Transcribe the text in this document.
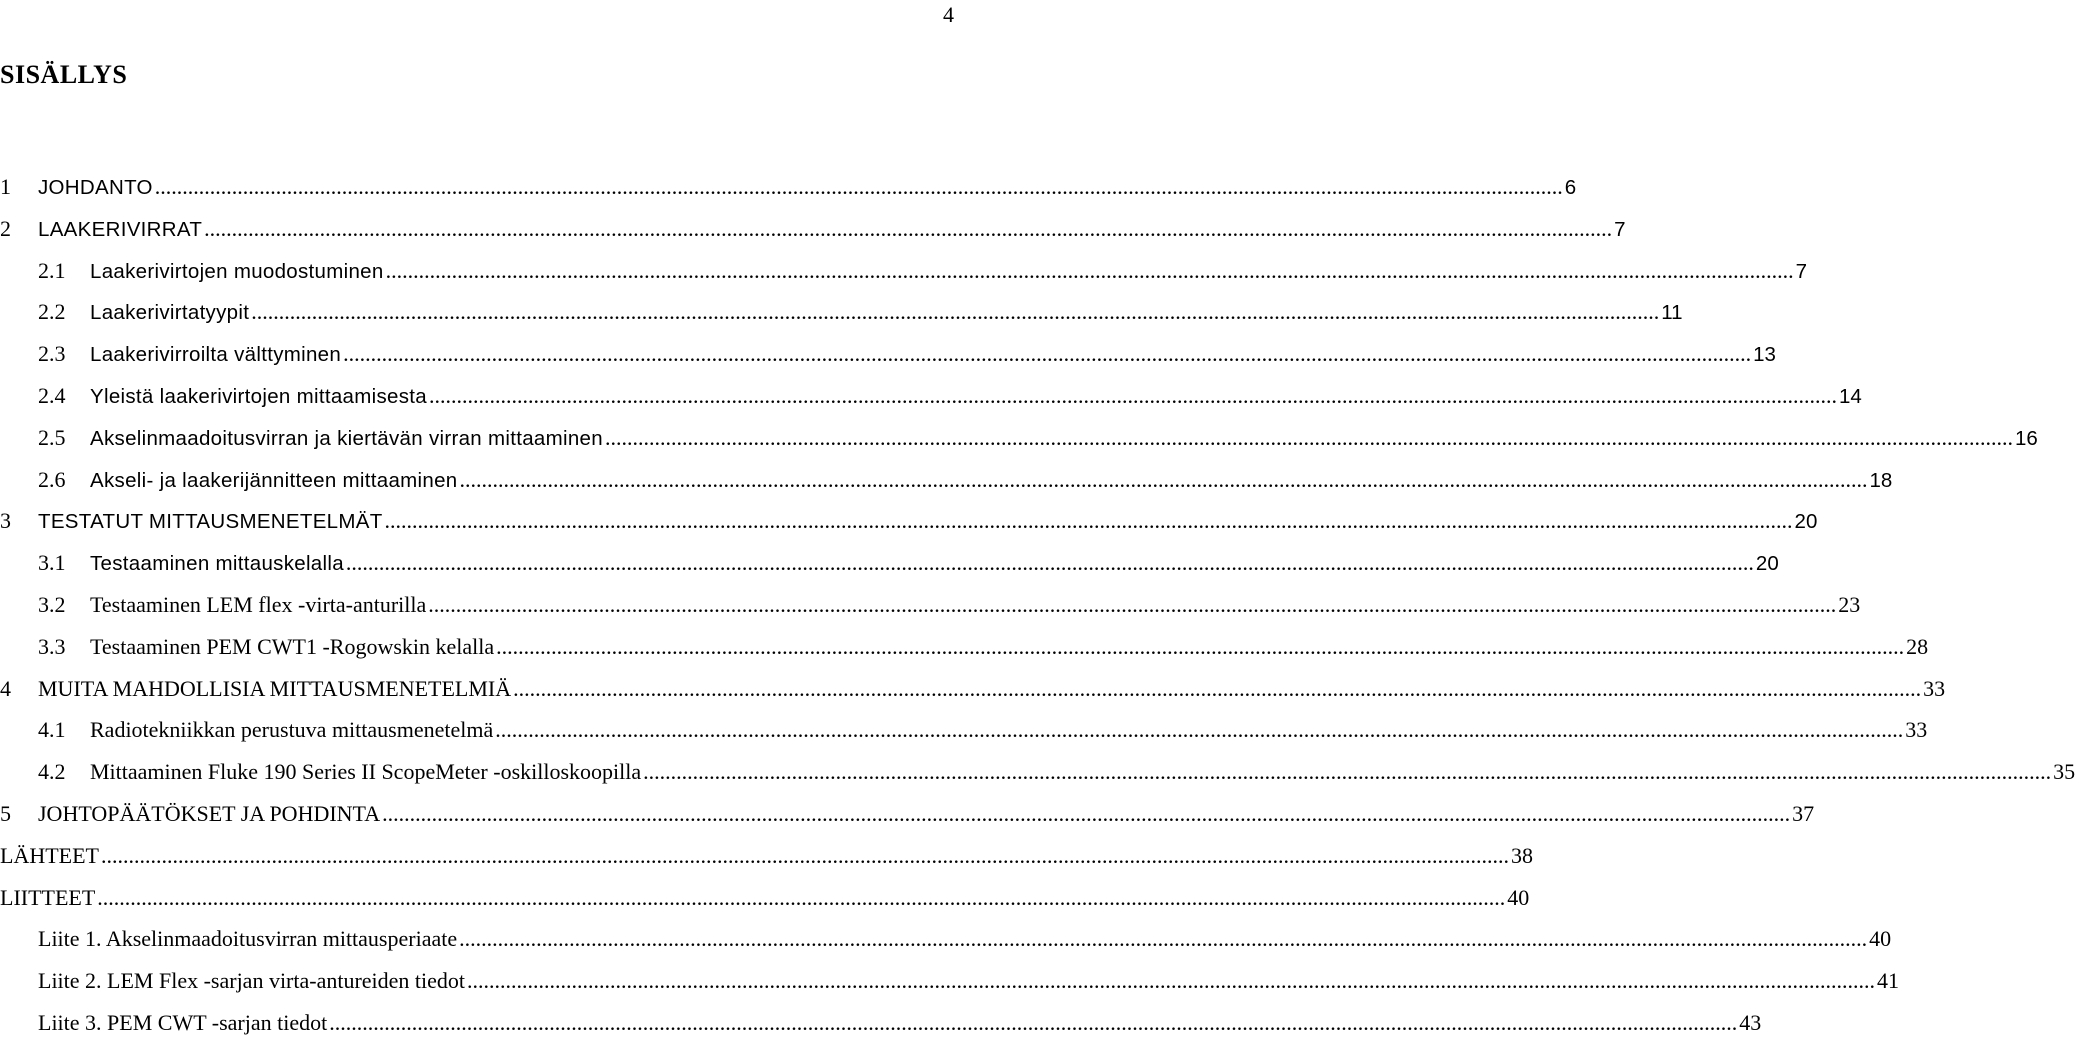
4
SISÄLLYS
1	JOHDANTO .....	6
2	LAAKERIVIRRAT .....	7
2.1	Laakerivirtojen muodostuminen .....	7
2.2	Laakerivirtatyypit .....	11
2.3	Laakerivirroilta välttyminen .....	13
2.4	Yleistä laakerivirtojen mittaamisesta .....	14
2.5	Akselinmaadoitusvirran ja kiertävän virran mittaaminen .....	16
2.6	Akseli- ja laakerijännitteen mittaaminen .....	18
3	TESTATUT MITTAUSMENETELMÄT .....	20
3.1	Testaaminen mittauskelalla .....	20
3.2	Testaaminen LEM flex -virta-anturilla .....	23
3.3	Testaaminen PEM CWT1 -Rogowskin kelalla .....	28
4	MUITA MAHDOLLISIA MITTAUSMENETELMIÄ .....	33
4.1	Radiotekniikkan perustuva mittausmenetelmä .....	33
4.2	Mittaaminen Fluke 190 Series II ScopeMeter -oskilloskoopilla .....	35
5	JOHTOPÄÄTÖKSET JA POHDINTA .....	37
LÄHTEET .....	38
LIITTEET .....	40
Liite 1. Akselinmaadoitusvirran mittausperiaate .....	40
Liite 2. LEM Flex -sarjan virta-antureiden tiedot .....	41
Liite 3. PEM CWT -sarjan tiedot .....	43
